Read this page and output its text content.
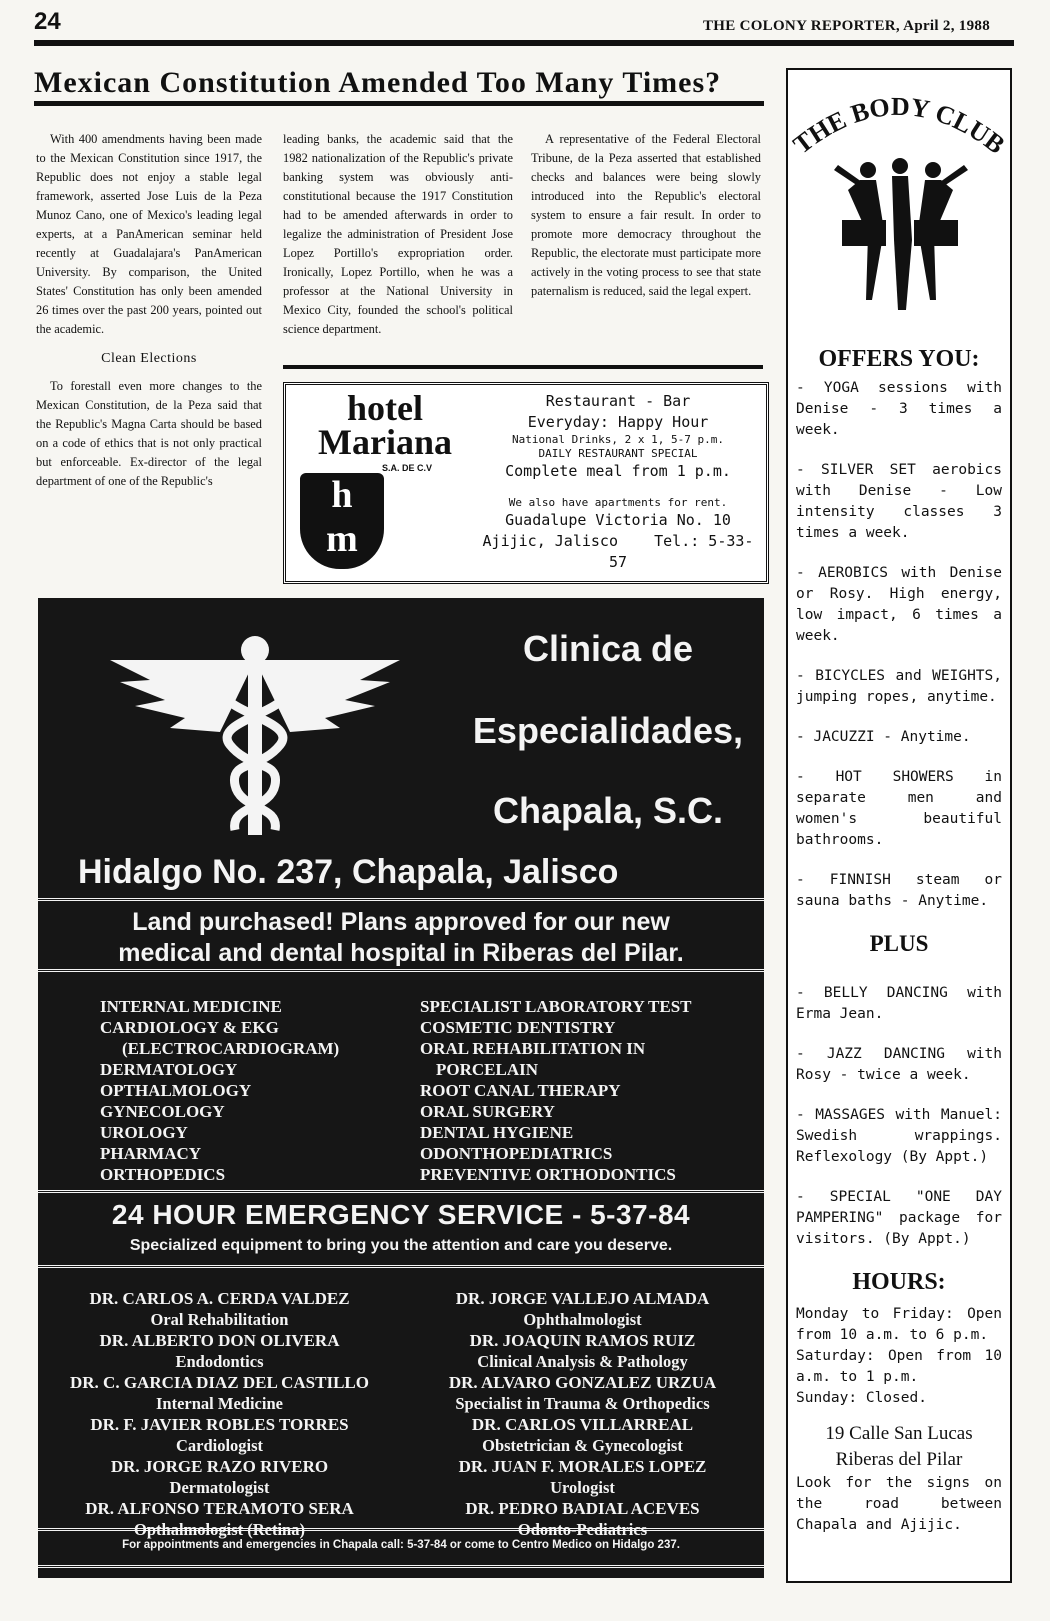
24	THE COLONY REPORTER, April 2, 1988
Mexican Constitution Amended Too Many Times?

With 400 amendments having been made to the Mexican Constitution since 1917, the Republic does not enjoy a stable legal framework, asserted Jose Luis de la Peza Munoz Cano, one of Mexico's leading legal experts, at a PanAmerican seminar held recently at Guadalajara's PanAmerican University. By comparison, the United States' Constitution has only been amended 26 times over the past 200 years, pointed out the academic.

Clean Elections

To forestall even more changes to the Mexican Constitution, de la Peza said that the Republic's Magna Carta should be based on a code of ethics that is not only practical but enforceable. Ex-director of the legal department of one of the Republic's

leading banks, the academic said that the 1982 nationalization of the Republic's private banking system was obviously anti-constitutional because the 1917 Constitution had to be amended afterwards in order to legalize the administration of President Jose Lopez Portillo's expropriation order. Ironically, Lopez Portillo, when he was a professor at the National University in Mexico City, founded the school's political science department.

A representative of the Federal Electoral Tribune, de la Peza asserted that established checks and balances were being slowly introduced into the Republic's electoral system to ensure a fair result. In order to promote more democracy throughout the Republic, the electorate must participate more actively in the voting process to see that state paternalism is reduced, said the legal expert.

hotel
Mariana
S.A. DE C.V
h
m
Restaurant - Bar
Everyday: Happy Hour
National Drinks, 2 x 1, 5-7 p.m.
DAILY RESTAURANT SPECIAL
Complete meal from 1 p.m.
We also have apartments for rent.
Guadalupe Victoria No. 10
Ajijic, Jalisco Tel.: 5-33-57
Clinica de
Especialidades,
Chapala, S.C.
Hidalgo No. 237, Chapala, Jalisco
Land purchased! Plans approved for our new
medical and dental hospital in Riberas del Pilar.
INTERNAL MEDICINE
CARDIOLOGY & EKG
(ELECTROCARDIOGRAM)
DERMATOLOGY
OPTHALMOLOGY
GYNECOLOGY
UROLOGY
PHARMACY
ORTHOPEDICS
SPECIALIST LABORATORY TEST
COSMETIC DENTISTRY
ORAL REHABILITATION IN
PORCELAIN
ROOT CANAL THERAPY
ORAL SURGERY
DENTAL HYGIENE
ODONTHOPEDIATRICS
PREVENTIVE ORTHODONTICS
24 HOUR EMERGENCY SERVICE - 5-37-84
Specialized equipment to bring you the attention and care you deserve.
DR. CARLOS A. CERDA VALDEZ
Oral Rehabilitation
DR. ALBERTO DON OLIVERA
Endodontics
DR. C. GARCIA DIAZ DEL CASTILLO
Internal Medicine
DR. F. JAVIER ROBLES TORRES
Cardiologist
DR. JORGE RAZO RIVERO
Dermatologist
DR. ALFONSO TERAMOTO SERA
Opthalmologist (Retina)
DR. JORGE VALLEJO ALMADA
Ophthalmologist
DR. JOAQUIN RAMOS RUIZ
Clinical Analysis & Pathology
DR. ALVARO GONZALEZ URZUA
Specialist in Trauma & Orthopedics
DR. CARLOS VILLARREAL
Obstetrician & Gynecologist
DR. JUAN F. MORALES LOPEZ
Urologist
DR. PEDRO BADIAL ACEVES
Odonto-Pediatrics
For appointments and emergencies in Chapala call: 5-37-84 or come to Centro Medico on Hidalgo 237.
THE BODY CLUB
OFFERS YOU:

- YOGA sessions with Denise - 3 times a week.

- SILVER SET aerobics with Denise - Low intensity classes 3 times a week.

- AEROBICS with Denise or Rosy. High energy, low impact, 6 times a week.

- BICYCLES and WEIGHTS, jumping ropes, anytime.

- JACUZZI - Anytime.

- HOT SHOWERS in separate men and women's beautiful bathrooms.

- FINNISH steam or sauna baths - Anytime.

PLUS

- BELLY DANCING with Erma Jean.

- JAZZ DANCING with Rosy - twice a week.

- MASSAGES with Manuel: Swedish wrappings. Reflexology (By Appt.)

- SPECIAL "ONE DAY PAMPERING" package for visitors. (By Appt.)

HOURS:
Monday to Friday: Open from 10 a.m. to 6 p.m.
Saturday: Open from 10 a.m. to 1 p.m.
Sunday: Closed.
19 Calle San Lucas
Riberas del Pilar
Look for the signs on the road between Chapala and Ajijic.
